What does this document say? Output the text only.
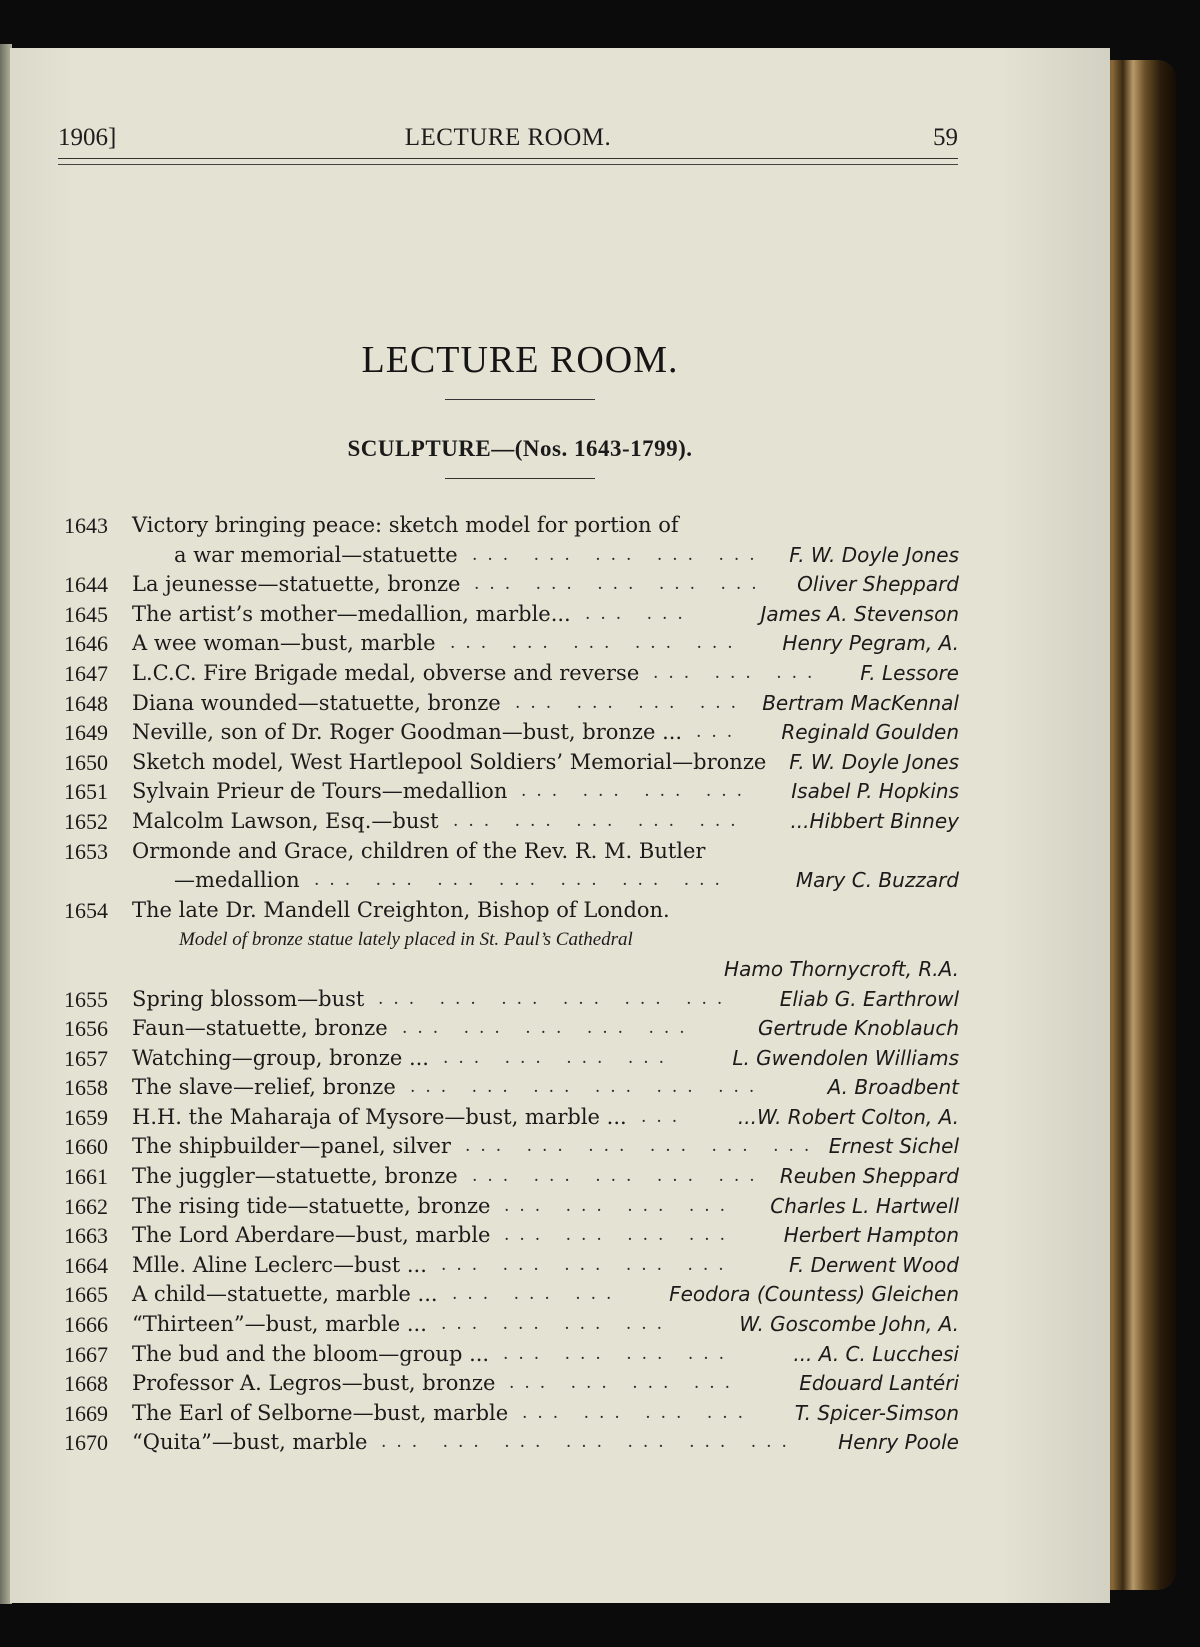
1906]	LECTURE ROOM.	59
LECTURE ROOM.
SCULPTURE—(Nos. 1643-1799).
1643	Victory bringing peace: sketch model for portion of
a war memorial—statuette	F. W. Doyle Jones
... ... ... ... ...
1644	La jeunesse—statuette, bronze	Oliver Sheppard
... ... ... ... ...
1645	The artist’s mother—medallion, marble...	James A. Stevenson
... ...
1646	A wee woman—bust, marble	Henry Pegram, A.
... ... ... ... ...
1647	L.C.C. Fire Brigade medal, obverse and reverse	F. Lessore
... ... ...
1648	Diana wounded—statuette, bronze	Bertram MacKennal
... ... ... ...
1649	Neville, son of Dr. Roger Goodman—bust, bronze ...	Reginald Goulden
...
1650	Sketch model, West Hartlepool Soldiers’ Memorial—bronze F. W. Doyle Jones
1651	Sylvain Prieur de Tours—medallion	Isabel P. Hopkins
... ... ... ...
1652	Malcolm Lawson, Esq.—bust	...Hibbert Binney
... ... ... ... ...
1653	Ormonde and Grace, children of the Rev. R. M. Butler
—medallion	Mary C. Buzzard
... ... ... ... ... ... ...
1654	The late Dr. Mandell Creighton, Bishop of London.
Model of bronze statue lately placed in St. Paul’s Cathedral
Hamo Thornycroft, R.A.
1655	Spring blossom—bust	Eliab G. Earthrowl
... ... ... ... ... ...
1656	Faun—statuette, bronze	Gertrude Knoblauch
... ... ... ... ...
1657	Watching—group, bronze ...	L. Gwendolen Williams
... ... ... ...
1658	The slave—relief, bronze	A. Broadbent
... ... ... ... ... ...
1659	H.H. the Maharaja of Mysore—bust, marble ...	...W. Robert Colton, A.
...
1660	The shipbuilder—panel, silver	Ernest Sichel
... ... ... ... ... ...
1661	The juggler—statuette, bronze	Reuben Sheppard
... ... ... ... ...
1662	The rising tide—statuette, bronze	Charles L. Hartwell
... ... ... ...
1663	The Lord Aberdare—bust, marble	Herbert Hampton
... ... ... ...
1664	Mlle. Aline Leclerc—bust ...	F. Derwent Wood
... ... ... ... ...
1665	A child—statuette, marble ...	Feodora (Countess) Gleichen
... ... ...
1666	“Thirteen”—bust, marble ...	W. Goscombe John, A.
... ... ... ...
1667	The bud and the bloom—group ...	... A. C. Lucchesi
... ... ... ...
1668	Professor A. Legros—bust, bronze	Edouard Lantéri
... ... ... ...
1669	The Earl of Selborne—bust, marble	T. Spicer-Simson
... ... ... ...
1670	“Quita”—bust, marble	Henry Poole
... ... ... ... ... ... ...
